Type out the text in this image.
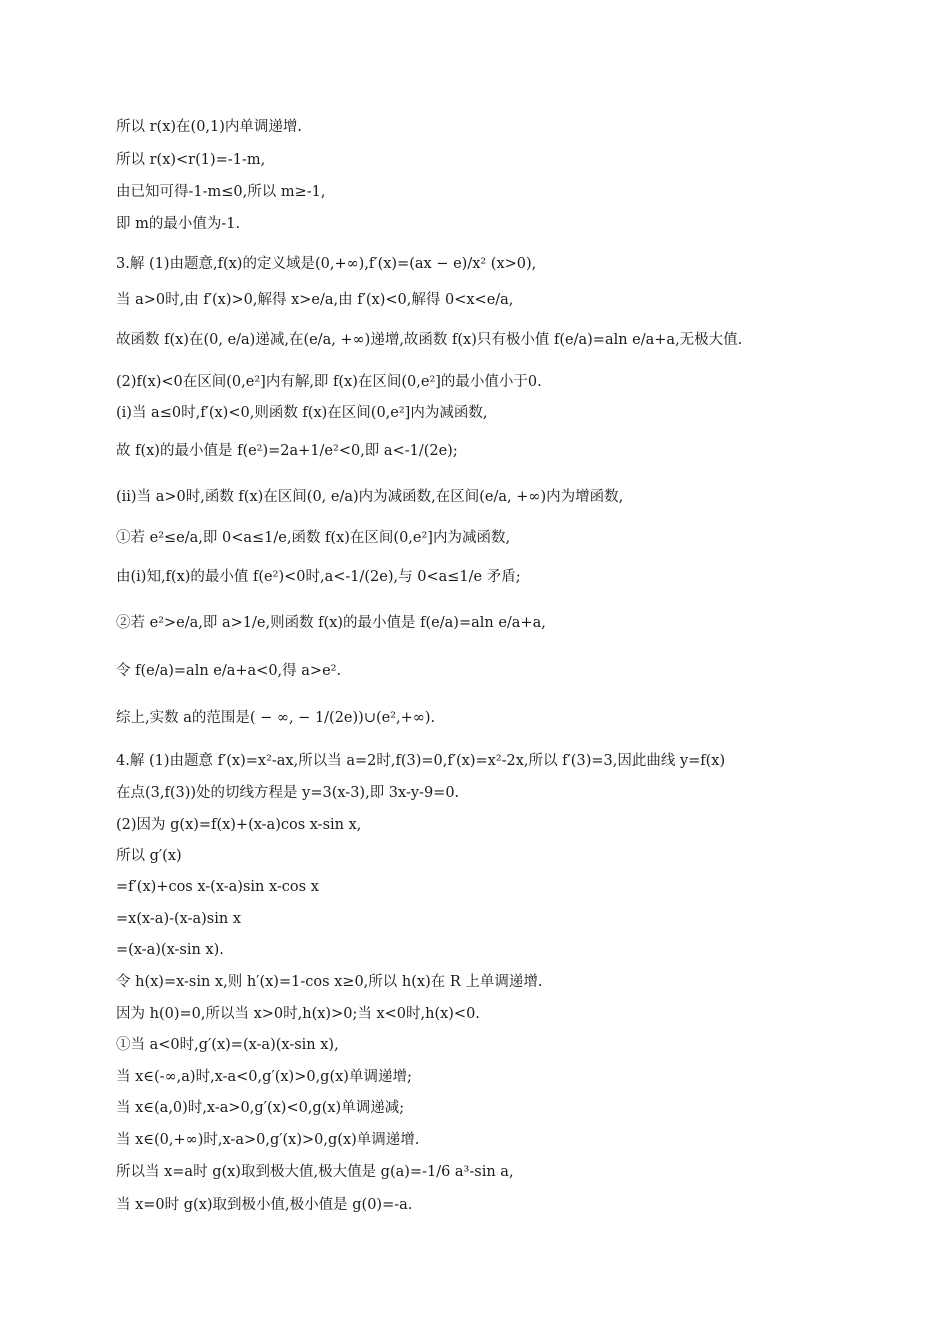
所以 r(x)在(0,1)内单调递增.
所以 r(x)<r(1)=-1-m,
由已知可得-1-m≤0,所以 m≥-1,
即 m的最小值为-1.
3.解 (1)由题意,f(x)的定义域是(0,+∞),f′(x)=(ax − e)/x² (x>0),
当 a>0时,由 f′(x)>0,解得 x>e/a,由 f′(x)<0,解得 0<x<e/a,
故函数 f(x)在(0, e/a)递减,在(e/a, +∞)递增,故函数 f(x)只有极小值 f(e/a)=aln e/a+a,无极大值.
(2)f(x)<0在区间(0,e²]内有解,即 f(x)在区间(0,e²]的最小值小于0.
(ⅰ)当 a≤0时,f′(x)<0,则函数 f(x)在区间(0,e²]内为减函数,
故 f(x)的最小值是 f(e²)=2a+1/e²<0,即 a<-1/(2e);
(ⅱ)当 a>0时,函数 f(x)在区间(0, e/a)内为减函数,在区间(e/a, +∞)内为增函数,
①若 e²≤e/a,即 0<a≤1/e,函数 f(x)在区间(0,e²]内为减函数,
由(ⅰ)知,f(x)的最小值 f(e²)<0时,a<-1/(2e),与 0<a≤1/e 矛盾;
②若 e²>e/a,即 a>1/e,则函数 f(x)的最小值是 f(e/a)=aln e/a+a,
令 f(e/a)=aln e/a+a<0,得 a>e².
综上,实数 a的范围是( − ∞, − 1/(2e))∪(e²,+∞).
4.解 (1)由题意 f′(x)=x²-ax,所以当 a=2时,f(3)=0,f′(x)=x²-2x,所以 f′(3)=3,因此曲线 y=f(x)
在点(3,f(3))处的切线方程是 y=3(x-3),即 3x-y-9=0.
(2)因为 g(x)=f(x)+(x-a)cos x-sin x,
所以 g′(x)
=f′(x)+cos x-(x-a)sin x-cos x
=x(x-a)-(x-a)sin x
=(x-a)(x-sin x).
令 h(x)=x-sin x,则 h′(x)=1-cos x≥0,所以 h(x)在 R 上单调递增.
因为 h(0)=0,所以当 x>0时,h(x)>0;当 x<0时,h(x)<0.
①当 a<0时,g′(x)=(x-a)(x-sin x),
当 x∈(-∞,a)时,x-a<0,g′(x)>0,g(x)单调递增;
当 x∈(a,0)时,x-a>0,g′(x)<0,g(x)单调递减;
当 x∈(0,+∞)时,x-a>0,g′(x)>0,g(x)单调递增.
所以当 x=a时 g(x)取到极大值,极大值是 g(a)=-1/6 a³-sin a,
当 x=0时 g(x)取到极小值,极小值是 g(0)=-a.
